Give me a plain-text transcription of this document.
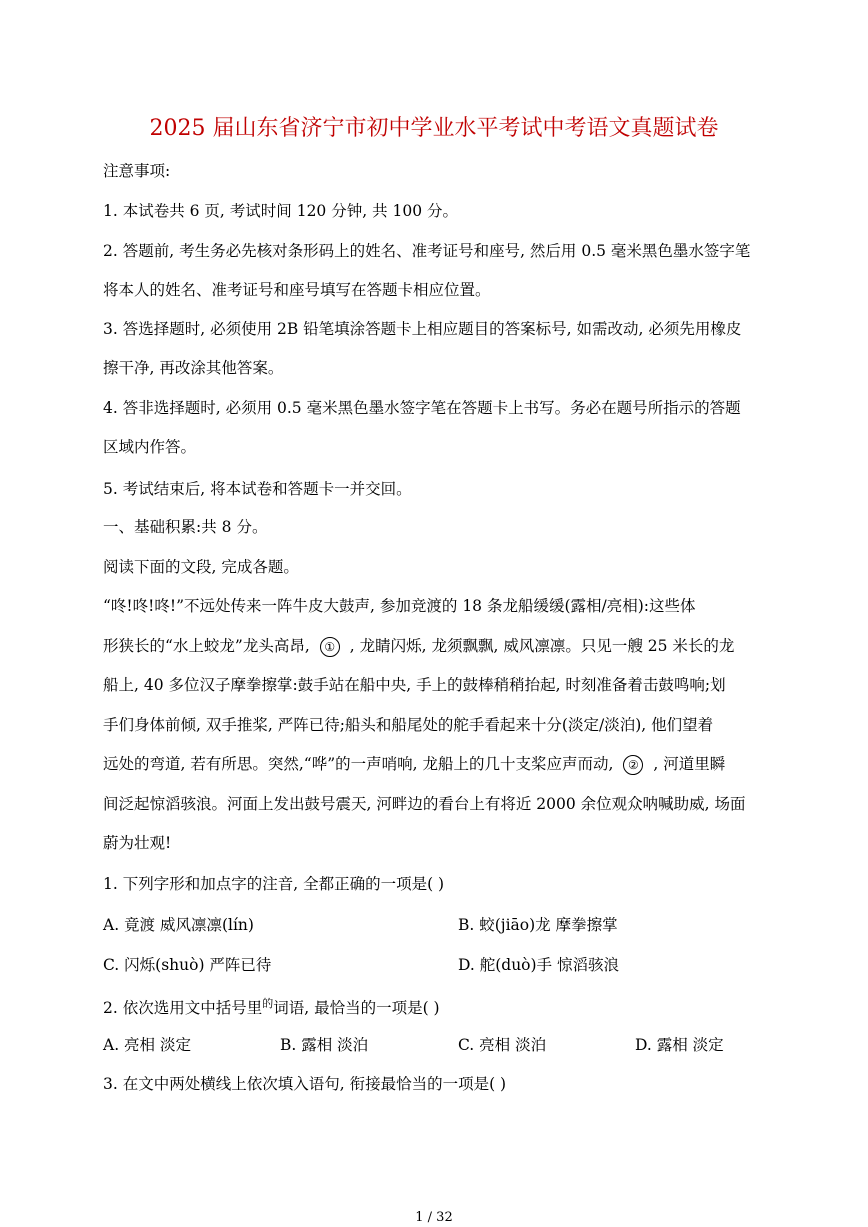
2025 届山东省济宁市初中学业水平考试中考语文真题试卷
注意事项:
1. 本试卷共 6 页, 考试时间 120 分钟, 共 100 分。
2. 答题前, 考生务必先核对条形码上的姓名、准考证号和座号, 然后用 0.5 毫米黑色墨水签字笔
将本人的姓名、准考证号和座号填写在答题卡相应位置。
3. 答选择题时, 必须使用 2B 铅笔填涂答题卡上相应题目的答案标号, 如需改动, 必须先用橡皮
擦干净, 再改涂其他答案。
4. 答非选择题时, 必须用 0.5 毫米黑色墨水签字笔在答题卡上书写。务必在题号所指示的答题
区域内作答。
5. 考试结束后, 将本试卷和答题卡一并交回。
一、基础积累:共 8 分。
阅读下面的文段, 完成各题。
“咚!咚!咚!”不远处传来一阵牛皮大鼓声, 参加竞渡的 18 条龙船缓缓(露相/亮相):这些体
形狭长的“水上蛟龙”龙头高昂, ① , 龙睛闪烁, 龙须飘飘, 威风凛凛。只见一艘 25 米长的龙
船上, 40 多位汉子摩拳擦掌:鼓手站在船中央, 手上的鼓棒稍稍抬起, 时刻准备着击鼓鸣响;划
手们身体前倾, 双手推桨, 严阵已待;船头和船尾处的舵手看起来十分(淡定/淡泊), 他们望着
远处的弯道, 若有所思。突然,“哗”的一声哨响, 龙船上的几十支桨应声而动, ② , 河道里瞬
间泛起惊滔骇浪。河面上发出鼓号震天, 河畔边的看台上有将近 2000 余位观众呐喊助威, 场面
蔚为壮观!
1. 下列字形和加点字的注音, 全都正确的一项是( )
A. 竟渡 威风凛凛(lín)	B. 蛟(jiāo)龙 摩拳擦掌
C. 闪烁(shuò) 严阵已待	D. 舵(duò)手 惊滔骇浪
2. 依次选用文中括号里$^的$词语, 最恰当的一项是( )
A. 亮相 淡定	B. 露相 淡泊	C. 亮相 淡泊	D. 露相 淡定
3. 在文中两处横线上依次填入语句, 衔接最恰当的一项是( )
1 / 32
